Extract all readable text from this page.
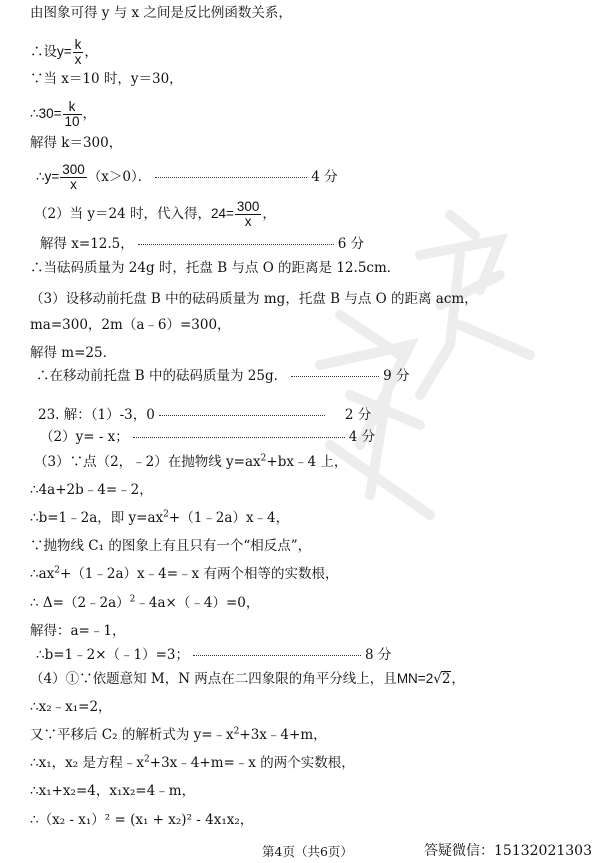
由图象可得 y 与 x 之间是反比例函数关系，
∴设$y= \frac{k}{x}$ ，
∵当 x＝10 时，y＝30，
∴30= $\frac{k}{10}$ ，
解得 k＝300，
∴y= $\frac{300}{x} (x>0)$．	4 分
（2）当 y＝24 时，代入得，$24= \frac{300}{x}$ ，
解得 x=12.5，	6 分
∴当砝码质量为 24g 时，托盘 B 与点 O 的距离是 12.5cm．
（3）设移动前托盘 B 中的砝码质量为 mg，托盘 B 与点 O 的距离 acm，
ma=300，2m（a﹣6）=300，
解得 m=25．
∴在移动前托盘 B 中的砝码质量为 25g．	9 分
23. 解：（1）-3，0	2 分
（2）y= - x；	4 分
（3）∵点（2，﹣2）在抛物线 $y=ax^2+bx﹣4$ 上，
∴4a+2b﹣4=﹣2，
∴b=1﹣2a，即 $y=ax^2+(1﹣2a)x﹣4$，
∵抛物线 C₁ 的图象上有且只有一个“相反点”，
$\therefore ax^2+(1﹣2a)x﹣4=﹣x$ 有两个相等的实数根，
∴ Δ=（2﹣2a）$^2$﹣4a×（﹣4）=0，
解得：a=﹣1，
∴b=1﹣2×（﹣1）=3；	8 分
（4）①∵依题意知 M，N 两点在二四象限的角平分线上，且MN=2√2，
∴x₂﹣x₁=2，
又∵平移后 C₂ 的解析式为 $y=﹣x^2+3x﹣4+m$，
∴x₁，x₂ 是方程$﹣x^2+3x﹣4+m=﹣x$ 的两个实数根，
∴x₁+x₂=4，x₁x₂=4﹣m，
∴（x₂ - x₁）² = (x₁ + x₂)² - 4x₁x₂，
第4页（共6页）	答疑微信：15132021303
